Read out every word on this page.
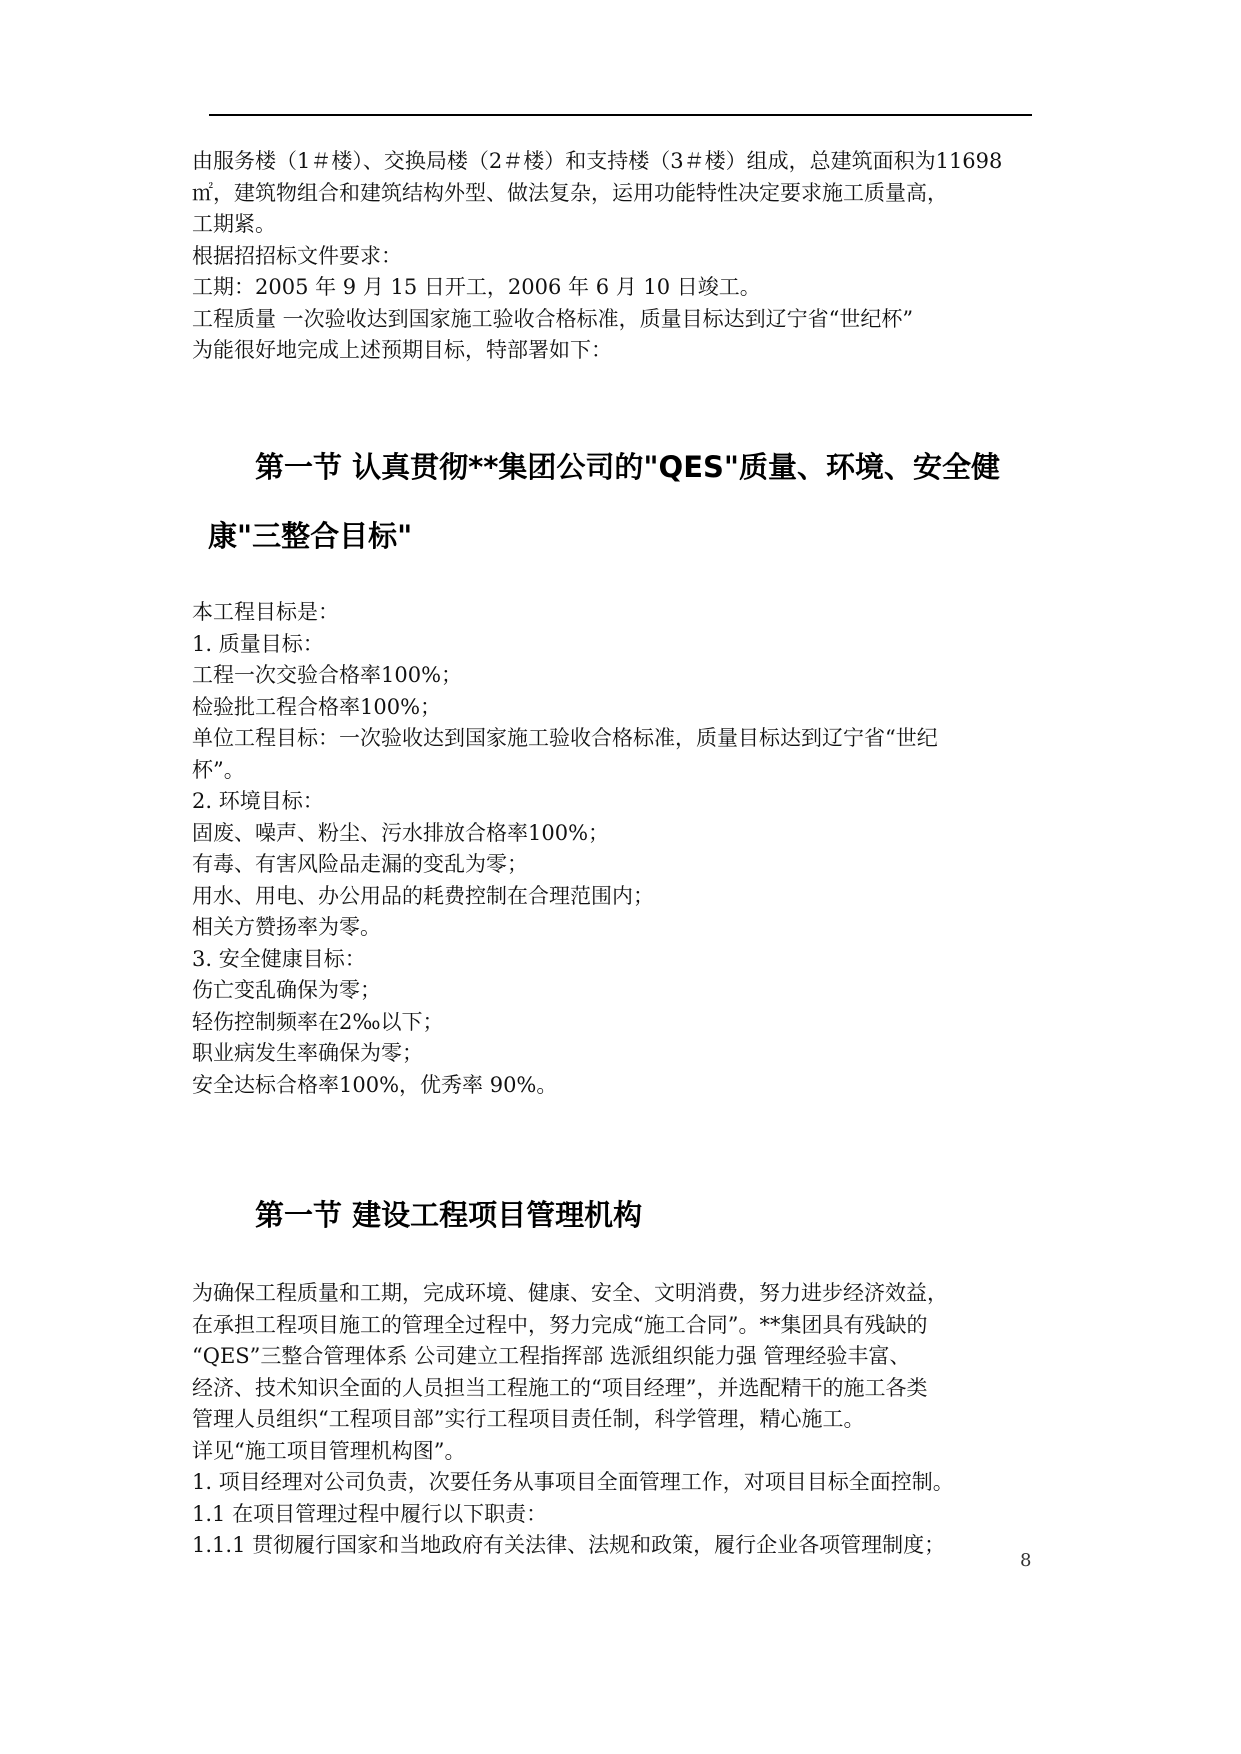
由服务楼（1＃楼）、交换局楼（2＃楼）和支持楼（3＃楼）组成，总建筑面积为11698
㎡，建筑物组合和建筑结构外型、做法复杂，运用功能特性决定要求施工质量高，
工期紧。
根据招招标文件要求：
工期：2005 年 9 月 15 日开工，2006 年 6 月 10 日竣工。
工程质量 一次验收达到国家施工验收合格标准，质量目标达到辽宁省“世纪杯”
为能很好地完成上述预期目标，特部署如下：
第一节 认真贯彻**集团公司的"QES"质量、环境、安全健
康"三整合目标"
本工程目标是：
1. 质量目标：
工程一次交验合格率100%；
检验批工程合格率100%；
单位工程目标：一次验收达到国家施工验收合格标准，质量目标达到辽宁省“世纪
杯”。
2. 环境目标：
固废、噪声、粉尘、污水排放合格率100%；
有毒、有害风险品走漏的变乱为零；
用水、用电、办公用品的耗费控制在合理范围内；
相关方赞扬率为零。
3. 安全健康目标：
伤亡变乱确保为零；
轻伤控制频率在2‰以下；
职业病发生率确保为零；
安全达标合格率100%，优秀率 90%。
第一节 建设工程项目管理机构
为确保工程质量和工期，完成环境、健康、安全、文明消费，努力进步经济效益，
在承担工程项目施工的管理全过程中，努力完成“施工合同”。**集团具有残缺的
“QES”三整合管理体系 公司建立工程指挥部 选派组织能力强 管理经验丰富、
经济、技术知识全面的人员担当工程施工的“项目经理”，并选配精干的施工各类
管理人员组织“工程项目部”实行工程项目责任制，科学管理，精心施工。
详见“施工项目管理机构图”。
1. 项目经理对公司负责，次要任务从事项目全面管理工作，对项目目标全面控制。
1.1 在项目管理过程中履行以下职责：
1.1.1 贯彻履行国家和当地政府有关法律、法规和政策，履行企业各项管理制度；
8
